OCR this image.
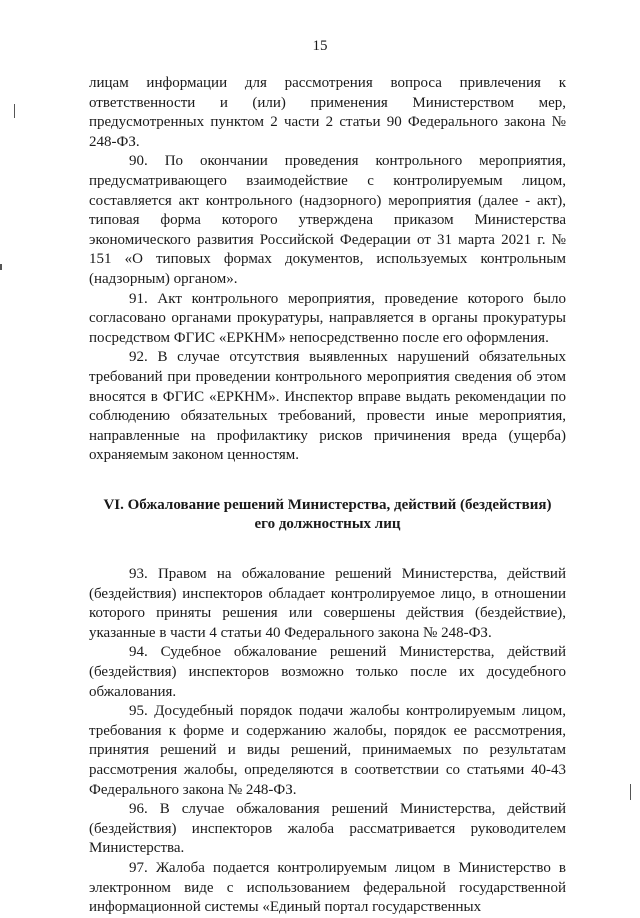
15

лицам информации для рассмотрения вопроса привлечения к ответственности и (или) применения Министерством мер, предусмотренных пунктом 2 части 2 статьи 90 Федерального закона № 248-ФЗ.

90. По окончании проведения контрольного мероприятия, предусматривающего взаимодействие с контролируемым лицом, составляется акт контрольного (надзорного) мероприятия (далее - акт), типовая форма которого утверждена приказом Министерства экономического развития Российской Федерации от 31 марта 2021 г. № 151 «О типовых формах документов, используемых контрольным (надзорным) органом».

91. Акт контрольного мероприятия, проведение которого было согласовано органами прокуратуры, направляется в органы прокуратуры посредством ФГИС «ЕРКНМ» непосредственно после его оформления.

92. В случае отсутствия выявленных нарушений обязательных требований при проведении контрольного мероприятия сведения об этом вносятся в ФГИС «ЕРКНМ». Инспектор вправе выдать рекомендации по соблюдению обязательных требований, провести иные мероприятия, направленные на профилактику рисков причинения вреда (ущерба) охраняемым законом ценностям.

VI. Обжалование решений Министерства, действий (бездействия)
его должностных лиц

93. Правом на обжалование решений Министерства, действий (бездействия) инспекторов обладает контролируемое лицо, в отношении которого приняты решения или совершены действия (бездействие), указанные в части 4 статьи 40 Федерального закона № 248-ФЗ.

94. Судебное обжалование решений Министерства, действий (бездействия) инспекторов возможно только после их досудебного обжалования.

95. Досудебный порядок подачи жалобы контролируемым лицом, требования к форме и содержанию жалобы, порядок ее рассмотрения, принятия решений и виды решений, принимаемых по результатам рассмотрения жалобы, определяются в соответствии со статьями 40-43 Федерального закона № 248-ФЗ.

96. В случае обжалования решений Министерства, действий (бездействия) инспекторов жалоба рассматривается руководителем Министерства.

97. Жалоба подается контролируемым лицом в Министерство в электронном виде с использованием федеральной государственной информационной системы «Единый портал государственных
